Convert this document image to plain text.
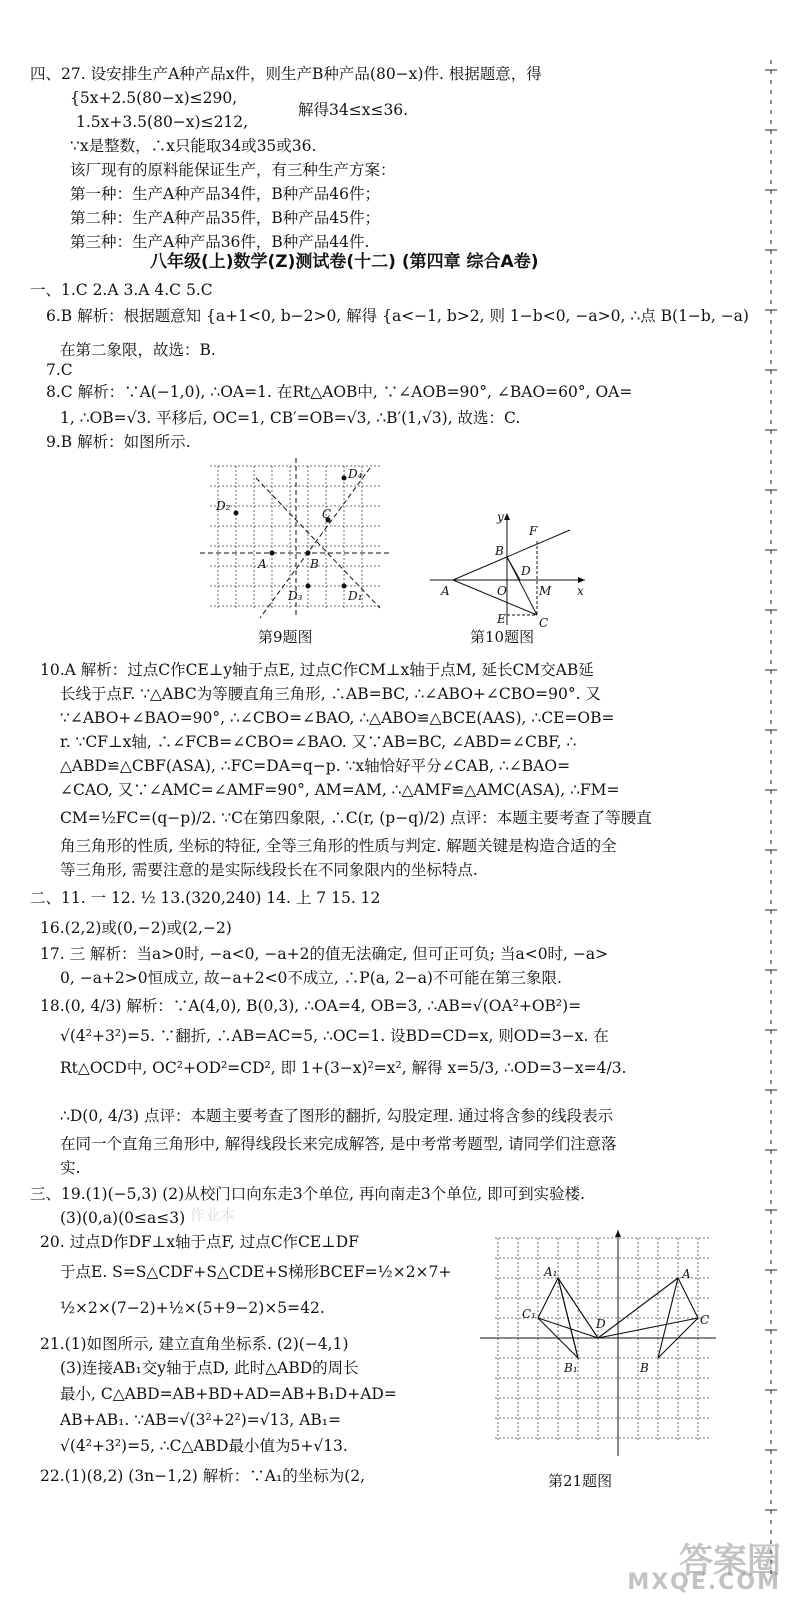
四、27. 设安排生产A种产品x件，则生产B种产品(80−x)件. 根据题意，得
{5x+2.5(80−x)≤290,
1.5x+3.5(80−x)≤212,
解得34≤x≤36.
∵x是整数，∴x只能取34或35或36.
该厂现有的原料能保证生产，有三种生产方案：
第一种：生产A种产品34件，B种产品46件；
第二种：生产A种产品35件，B种产品45件；
第三种：生产A种产品36件，B种产品44件.
八年级(上)数学(Z)测试卷(十二) (第四章 综合A卷)
一、1.C 2.A 3.A 4.C 5.C
6.B 解析：根据题意知 {a+1<0, b−2>0, 解得 {a<−1, b>2, 则 1−b<0, −a>0, ∴点 B(1−b, −a)
在第二象限，故选：B.
7.C
8.C 解析：∵A(−1,0), ∴OA=1. 在Rt△AOB中, ∵∠AOB=90°, ∠BAO=60°, OA=
1, ∴OB=√3. 平移后, OC=1, CB′=OB=√3, ∴B′(1,√3), 故选：C.
9.B 解析：如图所示.
D₄
D₂
C
A	B
D₃	D₁
第9题图
y
F
B
D
A	O	M x
E	C
第10题图
10.A 解析：过点C作CE⊥y轴于点E, 过点C作CM⊥x轴于点M, 延长CM交AB延
长线于点F. ∵△ABC为等腰直角三角形, ∴AB=BC, ∴∠ABO+∠CBO=90°. 又
∵∠ABO+∠BAO=90°, ∴∠CBO=∠BAO, ∴△ABO≌△BCE(AAS), ∴CE=OB=
r. ∵CF⊥x轴, ∴∠FCB=∠CBO=∠BAO. 又∵AB=BC, ∠ABD=∠CBF, ∴
△ABD≌△CBF(ASA), ∴FC=DA=q−p. ∵x轴恰好平分∠CAB, ∴∠BAO=
∠CAO, 又∵∠AMC=∠AMF=90°, AM=AM, ∴△AMF≌△AMC(ASA), ∴FM=
CM=½FC=(q−p)/2. ∵C在第四象限, ∴C(r, (p−q)/2) 点评：本题主要考查了等腰直
角三角形的性质, 坐标的特征, 全等三角形的性质与判定. 解题关键是构造合适的全
等三角形, 需要注意的是实际线段长在不同象限内的坐标特点.
二、11. 一 12. ½ 13.(320,240) 14. 上 7 15. 12
16.(2,2)或(0,−2)或(2,−2)
17. 三 解析：当a>0时, −a<0, −a+2的值无法确定, 但可正可负; 当a<0时, −a>
0, −a+2>0恒成立, 故−a+2<0不成立, ∴P(a, 2−a)不可能在第三象限.
18.(0, 4/3) 解析：∵A(4,0), B(0,3), ∴OA=4, OB=3, ∴AB=√(OA²+OB²)=
√(4²+3²)=5. ∵翻折, ∴AB=AC=5, ∴OC=1. 设BD=CD=x, 则OD=3−x. 在
Rt△OCD中, OC²+OD²=CD², 即 1+(3−x)²=x², 解得 x=5/3, ∴OD=3−x=4/3.
∴D(0, 4/3) 点评：本题主要考查了图形的翻折, 勾股定理. 通过将含参的线段表示
在同一个直角三角形中, 解得线段长来完成解答, 是中考常考题型, 请同学们注意落
实.
三、19.(1)(−5,3) (2)从校门口向东走3个单位, 再向南走3个单位, 即可到实验楼.
(3)(0,a)(0≤a≤3) 作业本
20. 过点D作DF⊥x轴于点F, 过点C作CE⊥DF
于点E. S=S△CDF+S△CDE+S梯形BCEF=½×2×7+
½×2×(7−2)+½×(5+9−2)×5=42.
21.(1)如图所示, 建立直角坐标系. (2)(−4,1)
(3)连接AB₁交y轴于点D, 此时△ABD的周长
最小, C△ABD=AB+BD+AD=AB+B₁D+AD=
AB+AB₁. ∵AB=√(3²+2²)=√13, AB₁=
√(4²+3²)=5, ∴C△ABD最小值为5+√13.
22.(1)(8,2) (3n−1,2) 解析：∵A₁的坐标为(2,
A₁	A
C₁
D	C
B₁	B
第21题图
答案圈
MXQE.COM
